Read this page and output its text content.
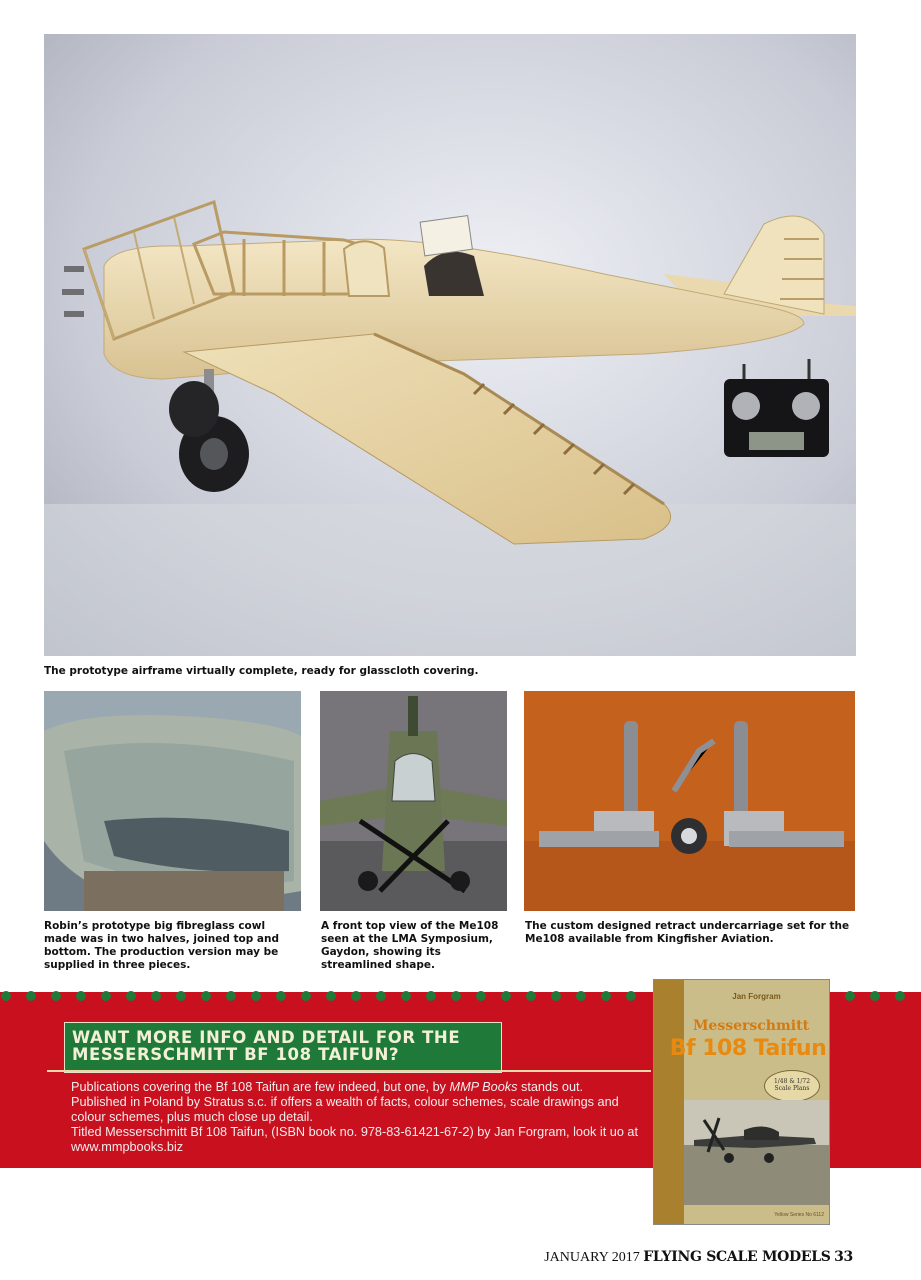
The prototype airframe virtually complete, ready for glasscloth covering.
Robin’s prototype big fibreglass cowl made was in two halves, joined top and bottom. The production version may be supplied in three pieces.
A front top view of the Me108 seen at the LMA Symposium, Gaydon, showing its streamlined shape.
The custom designed retract undercarriage set for the Me108 available from Kingfisher Aviation.
WANT MORE INFO AND DETAIL FOR THE
MESSERSCHMITT BF 108 TAIFUN?

Publications covering the Bf 108 Taifun are few indeed, but one, by MMP Books stands out.

Published in Poland by Stratus s.c. if offers a wealth of facts, colour schemes, scale drawings and colour schemes, plus much close up detail.

Titled Messerschmitt Bf 108 Taifun, (ISBN book no. 978-83-61421-67-2) by Jan Forgram, look it uo at www.mmpbooks.biz

Jan Forgram
Messerschmitt
Bf 108 Taifun
1/48 & 1/72
Scale Plans
Yellow Series No 6112
JANUARY 2017 FLYING SCALE MODELS 33
